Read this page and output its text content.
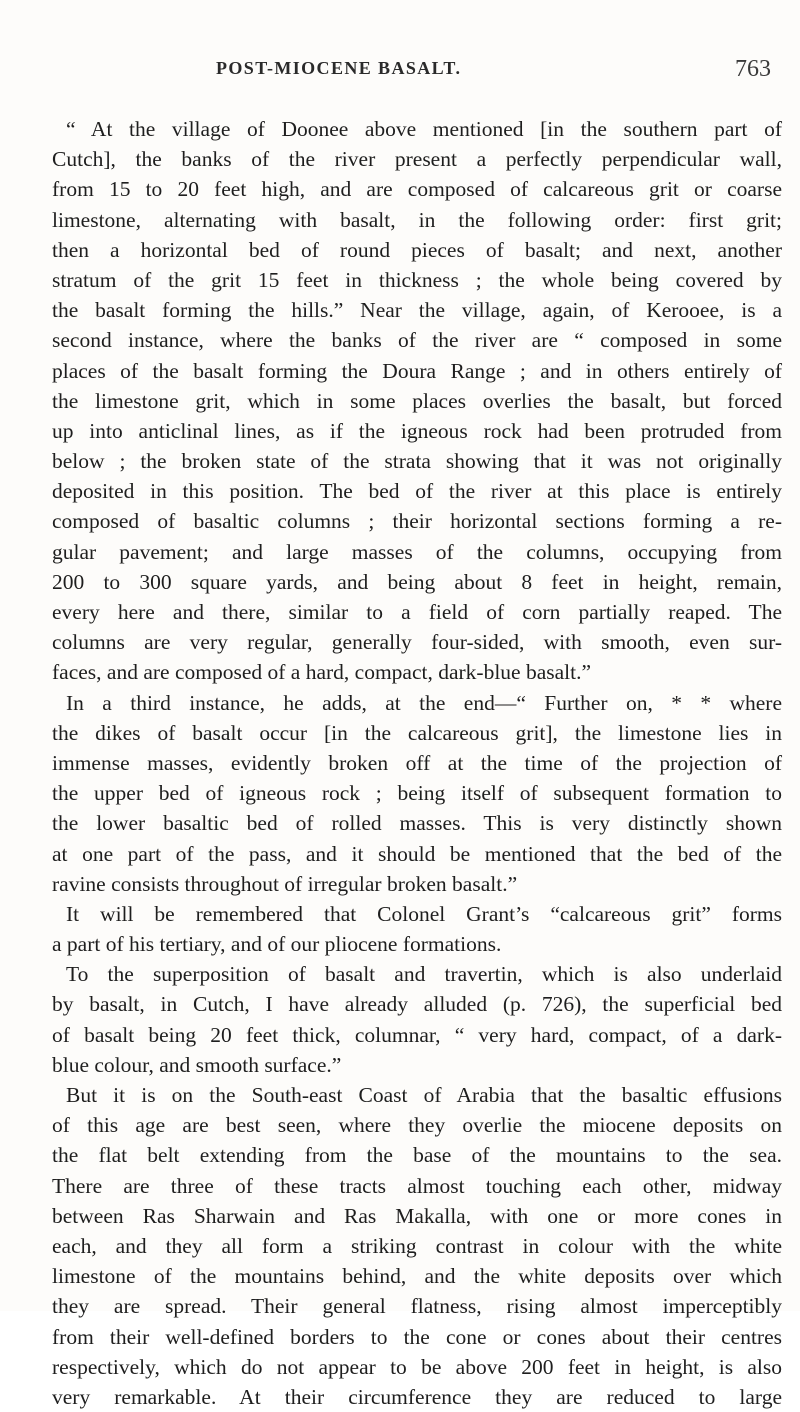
POST-MIOCENE BASALT.	763
“ At the village of Doonee above mentioned [in the southern part of
Cutch], the banks of the river present a perfectly perpendicular wall,
from 15 to 20 feet high, and are composed of calcareous grit or coarse
limestone, alternating with basalt, in the following order: first grit;
then a horizontal bed of round pieces of basalt; and next, another
stratum of the grit 15 feet in thickness ; the whole being covered by
the basalt forming the hills.” Near the village, again, of Kerooee, is a
second instance, where the banks of the river are “ composed in some
places of the basalt forming the Doura Range ; and in others entirely of
the limestone grit, which in some places overlies the basalt, but forced
up into anticlinal lines, as if the igneous rock had been protruded from
below ; the broken state of the strata showing that it was not originally
deposited in this position. The bed of the river at this place is entirely
composed of basaltic columns ; their horizontal sections forming a re-
gular pavement; and large masses of the columns, occupying from
200 to 300 square yards, and being about 8 feet in height, remain,
every here and there, similar to a field of corn partially reaped. The
columns are very regular, generally four-sided, with smooth, even sur-
faces, and are composed of a hard, compact, dark-blue basalt.”
In a third instance, he adds, at the end—“ Further on, * * where
the dikes of basalt occur [in the calcareous grit], the limestone lies in
immense masses, evidently broken off at the time of the projection of
the upper bed of igneous rock ; being itself of subsequent formation to
the lower basaltic bed of rolled masses. This is very distinctly shown
at one part of the pass, and it should be mentioned that the bed of the
ravine consists throughout of irregular broken basalt.”
It will be remembered that Colonel Grant’s “calcareous grit” forms
a part of his tertiary, and of our pliocene formations.
To the superposition of basalt and travertin, which is also underlaid
by basalt, in Cutch, I have already alluded (p. 726), the superficial bed
of basalt being 20 feet thick, columnar, “ very hard, compact, of a dark-
blue colour, and smooth surface.”
But it is on the South-east Coast of Arabia that the basaltic effusions
of this age are best seen, where they overlie the miocene deposits on
the flat belt extending from the base of the mountains to the sea.
There are three of these tracts almost touching each other, midway
between Ras Sharwain and Ras Makalla, with one or more cones in
each, and they all form a striking contrast in colour with the white
limestone of the mountains behind, and the white deposits over which
they are spread. Their general flatness, rising almost imperceptibly
from their well-defined borders to the cone or cones about their centres
respectively, which do not appear to be above 200 feet in height, is also
very remarkable. At their circumference they are reduced to large
